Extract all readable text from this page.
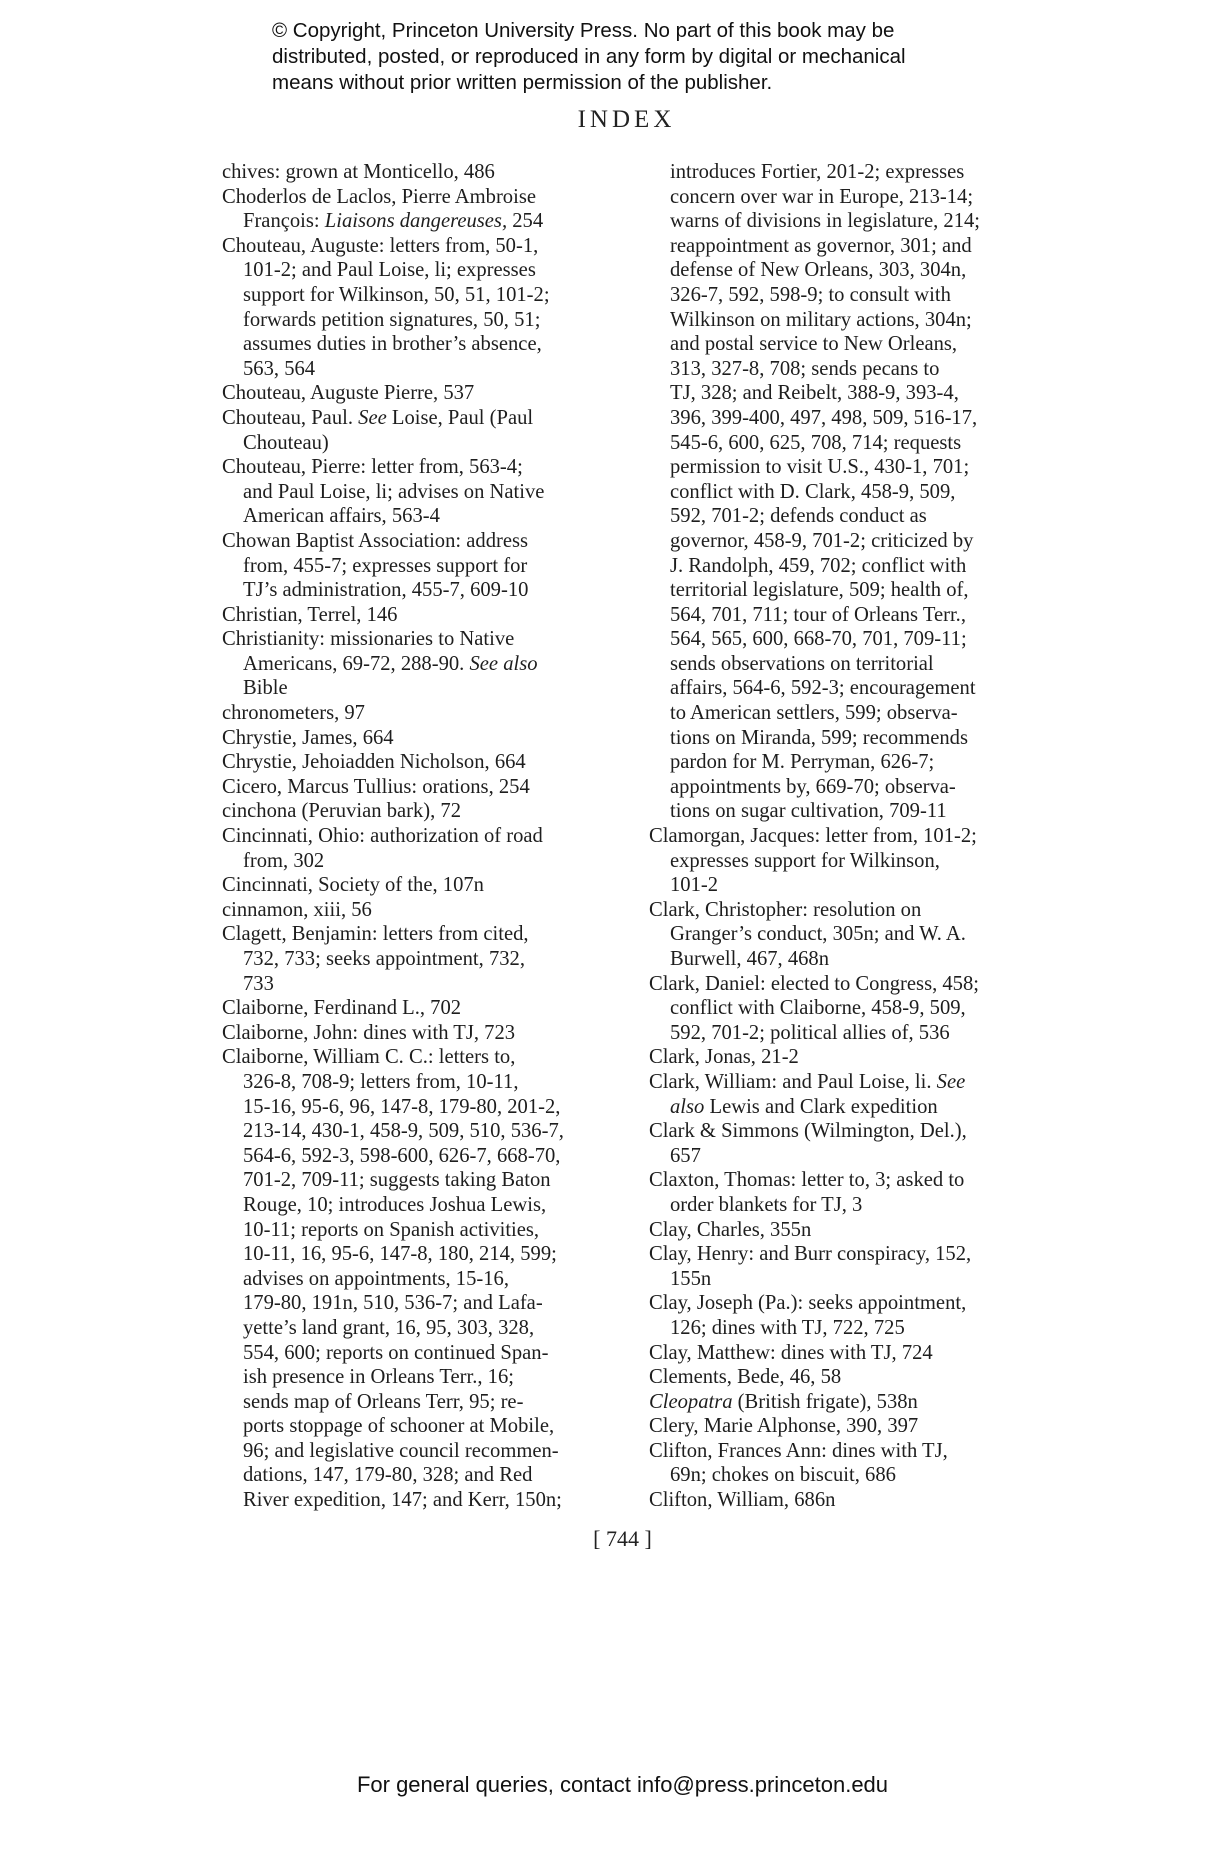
© Copyright, Princeton University Press. No part of this book may be
distributed, posted, or reproduced in any form by digital or mechanical
means without prior written permission of the publisher.
INDEX
chives: grown at Monticello, 486
Choderlos de Laclos, Pierre Ambroise
François: Liaisons dangereuses, 254
Chouteau, Auguste: letters from, 50-1,
101-2; and Paul Loise, li; expresses
support for Wilkinson, 50, 51, 101-2;
forwards petition signatures, 50, 51;
assumes duties in brother’s absence,
563, 564
Chouteau, Auguste Pierre, 537
Chouteau, Paul. See Loise, Paul (Paul
Chouteau)
Chouteau, Pierre: letter from, 563-4;
and Paul Loise, li; advises on Native
American affairs, 563-4
Chowan Baptist Association: address
from, 455-7; expresses support for
TJ’s administration, 455-7, 609-10
Christian, Terrel, 146
Christianity: missionaries to Native
Americans, 69-72, 288-90. See also
Bible
chronometers, 97
Chrystie, James, 664
Chrystie, Jehoiadden Nicholson, 664
Cicero, Marcus Tullius: orations, 254
cinchona (Peruvian bark), 72
Cincinnati, Ohio: authorization of road
from, 302
Cincinnati, Society of the, 107n
cinnamon, xiii, 56
Clagett, Benjamin: letters from cited,
732, 733; seeks appointment, 732,
733
Claiborne, Ferdinand L., 702
Claiborne, John: dines with TJ, 723
Claiborne, William C. C.: letters to,
326-8, 708-9; letters from, 10-11,
15-16, 95-6, 96, 147-8, 179-80, 201-2,
213-14, 430-1, 458-9, 509, 510, 536-7,
564-6, 592-3, 598-600, 626-7, 668-70,
701-2, 709-11; suggests taking Baton
Rouge, 10; introduces Joshua Lewis,
10-11; reports on Spanish activities,
10-11, 16, 95-6, 147-8, 180, 214, 599;
advises on appointments, 15-16,
179-80, 191n, 510, 536-7; and Lafa-
yette’s land grant, 16, 95, 303, 328,
554, 600; reports on continued Span-
ish presence in Orleans Terr., 16;
sends map of Orleans Terr, 95; re-
ports stoppage of schooner at Mobile,
96; and legislative council recommen-
dations, 147, 179-80, 328; and Red
River expedition, 147; and Kerr, 150n;
introduces Fortier, 201-2; expresses
concern over war in Europe, 213-14;
warns of divisions in legislature, 214;
reappointment as governor, 301; and
defense of New Orleans, 303, 304n,
326-7, 592, 598-9; to consult with
Wilkinson on military actions, 304n;
and postal service to New Orleans,
313, 327-8, 708; sends pecans to
TJ, 328; and Reibelt, 388-9, 393-4,
396, 399-400, 497, 498, 509, 516-17,
545-6, 600, 625, 708, 714; requests
permission to visit U.S., 430-1, 701;
conflict with D. Clark, 458-9, 509,
592, 701-2; defends conduct as
governor, 458-9, 701-2; criticized by
J. Randolph, 459, 702; conflict with
territorial legislature, 509; health of,
564, 701, 711; tour of Orleans Terr.,
564, 565, 600, 668-70, 701, 709-11;
sends observations on territorial
affairs, 564-6, 592-3; encouragement
to American settlers, 599; observa-
tions on Miranda, 599; recommends
pardon for M. Perryman, 626-7;
appointments by, 669-70; observa-
tions on sugar cultivation, 709-11
Clamorgan, Jacques: letter from, 101-2;
expresses support for Wilkinson,
101-2
Clark, Christopher: resolution on
Granger’s conduct, 305n; and W. A.
Burwell, 467, 468n
Clark, Daniel: elected to Congress, 458;
conflict with Claiborne, 458-9, 509,
592, 701-2; political allies of, 536
Clark, Jonas, 21-2
Clark, William: and Paul Loise, li. See
also Lewis and Clark expedition
Clark & Simmons (Wilmington, Del.),
657
Claxton, Thomas: letter to, 3; asked to
order blankets for TJ, 3
Clay, Charles, 355n
Clay, Henry: and Burr conspiracy, 152,
155n
Clay, Joseph (Pa.): seeks appointment,
126; dines with TJ, 722, 725
Clay, Matthew: dines with TJ, 724
Clements, Bede, 46, 58
Cleopatra (British frigate), 538n
Clery, Marie Alphonse, 390, 397
Clifton, Frances Ann: dines with TJ,
69n; chokes on biscuit, 686
Clifton, William, 686n
[ 744 ]
For general queries, contact info@press.princeton.edu
